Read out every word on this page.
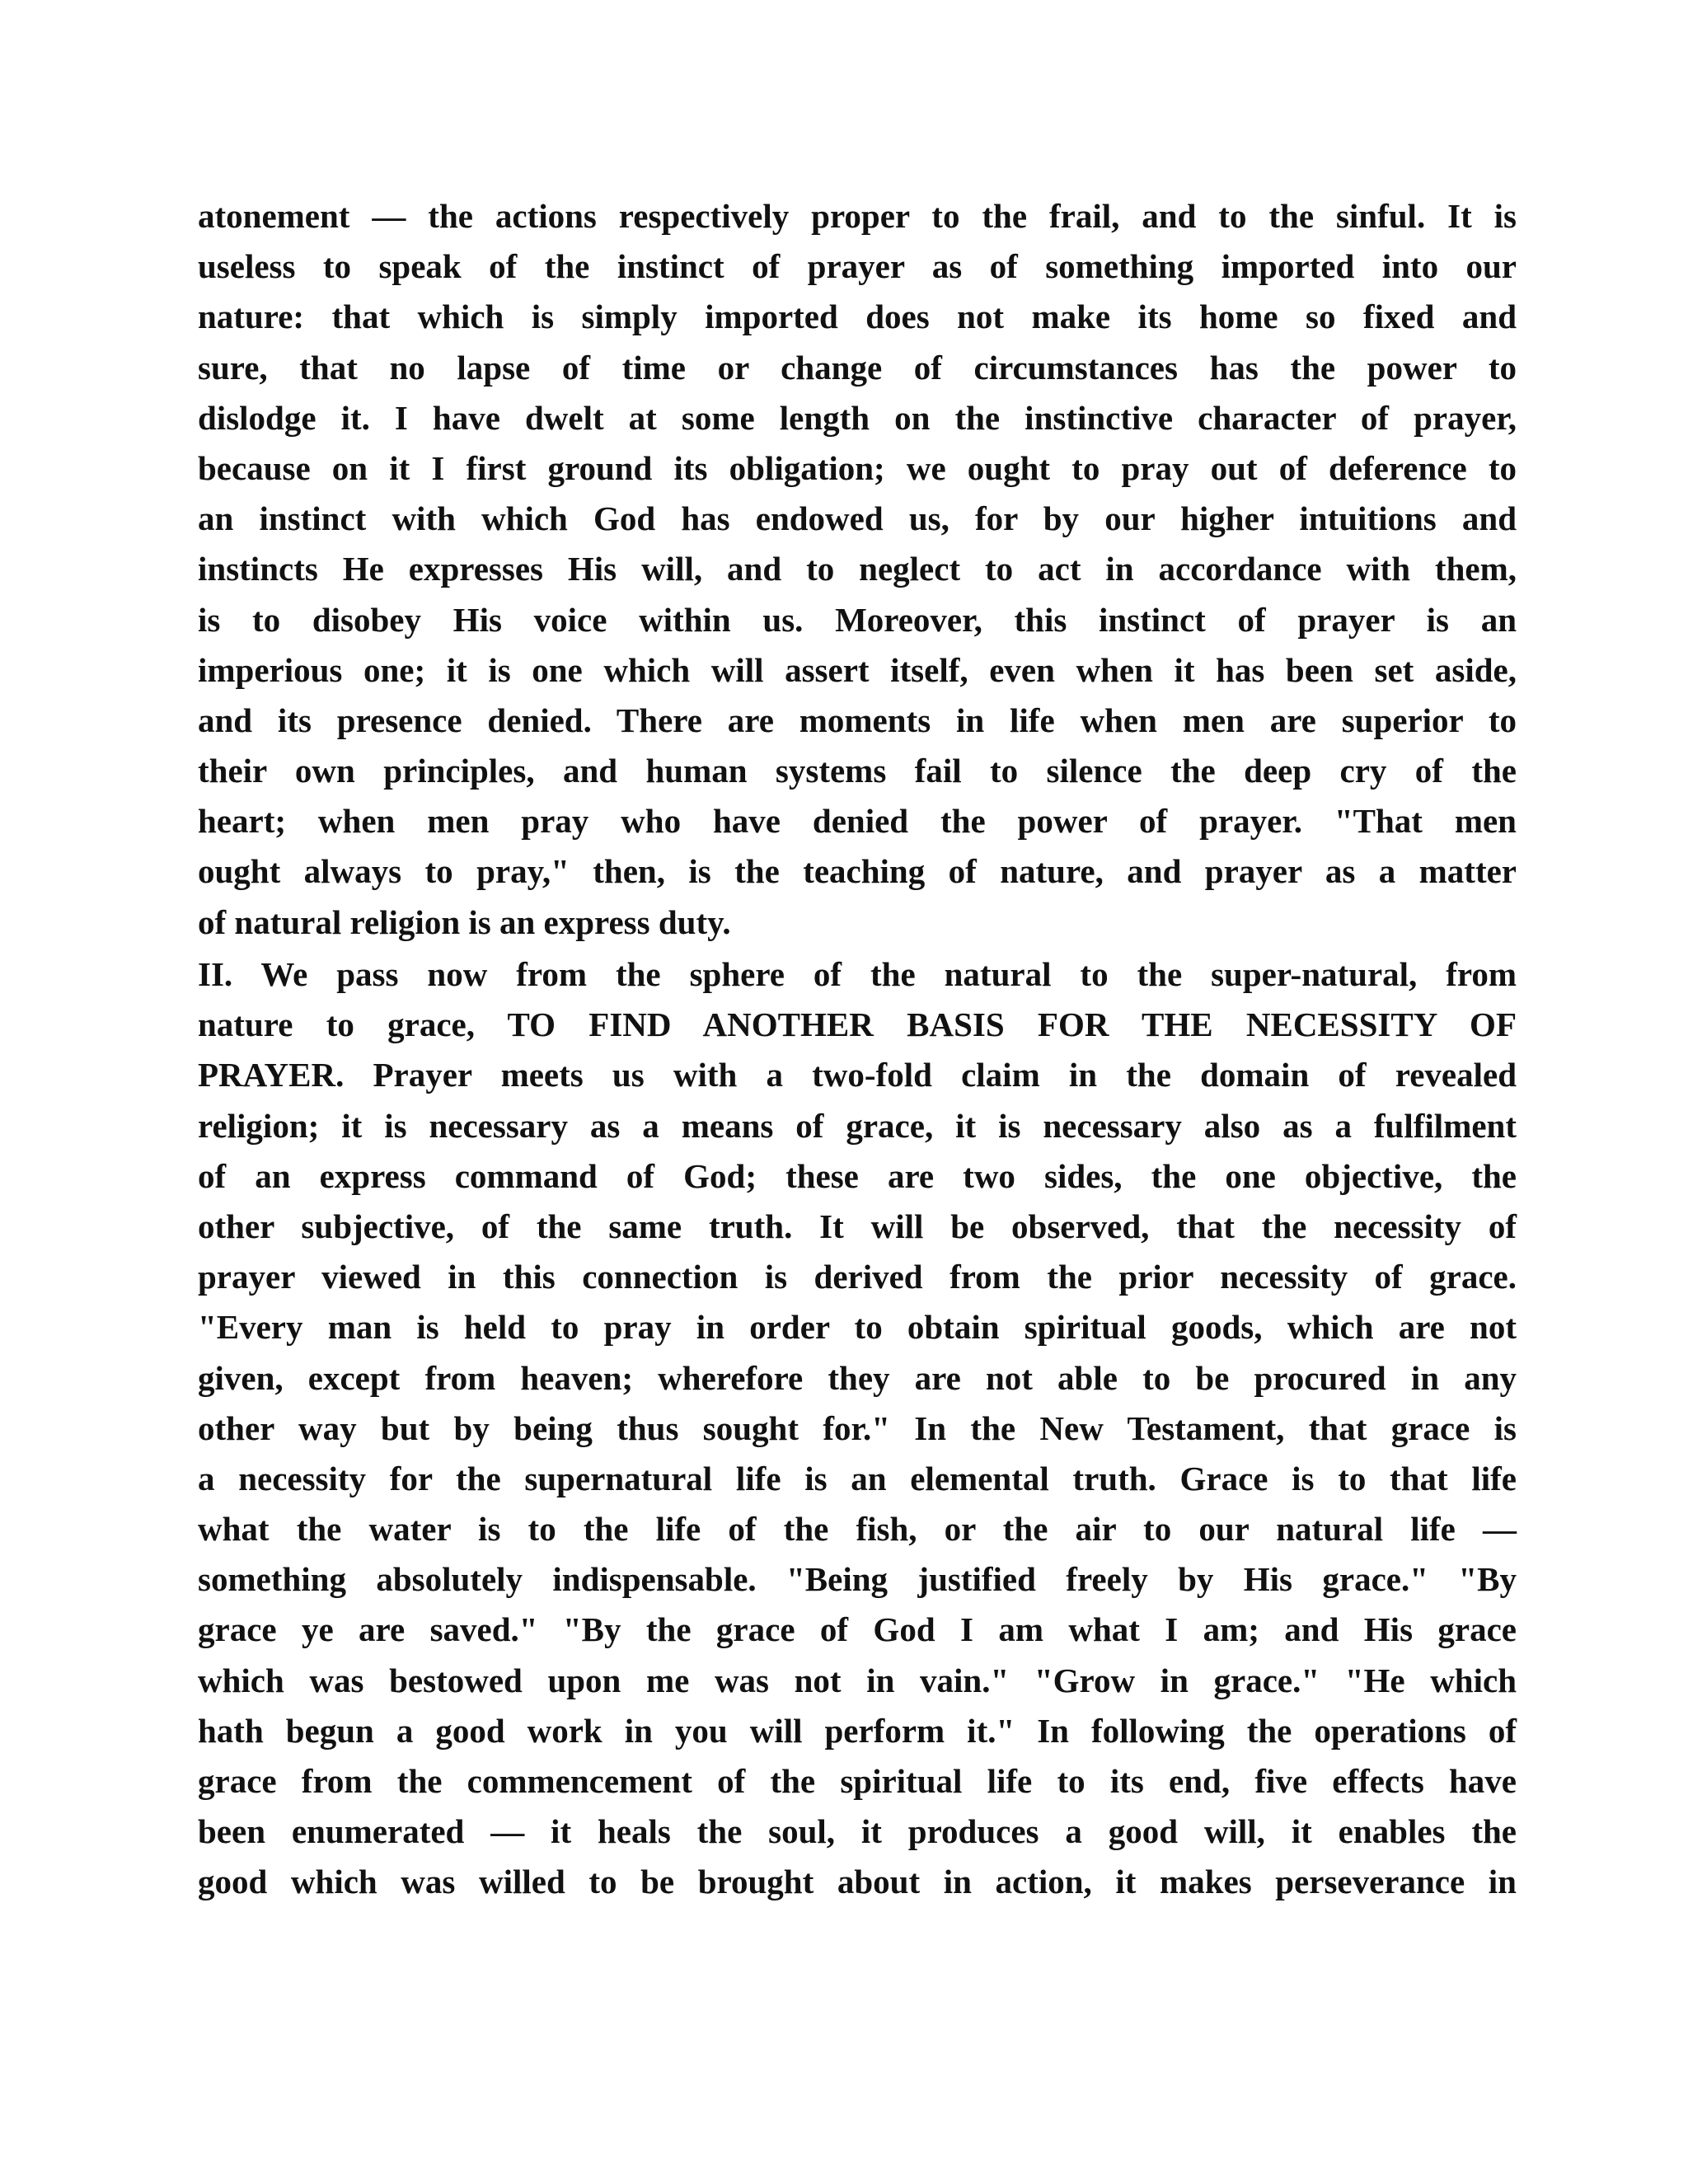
atonement — the actions respectively proper to the frail, and to the sinful. It is
useless to speak of the instinct of prayer as of something imported into our
nature: that which is simply imported does not make its home so fixed and
sure, that no lapse of time or change of circumstances has the power to
dislodge it. I have dwelt at some length on the instinctive character of prayer,
because on it I first ground its obligation; we ought to pray out of deference to
an instinct with which God has endowed us, for by our higher intuitions and
instincts He expresses His will, and to neglect to act in accordance with them,
is to disobey His voice within us. Moreover, this instinct of prayer is an
imperious one; it is one which will assert itself, even when it has been set aside,
and its presence denied. There are moments in life when men are superior to
their own principles, and human systems fail to silence the deep cry of the
heart; when men pray who have denied the power of prayer. "That men
ought always to pray," then, is the teaching of nature, and prayer as a matter
of natural religion is an express duty.
II. We pass now from the sphere of the natural to the super-natural, from
nature to grace, TO FIND ANOTHER BASIS FOR THE NECESSITY OF
PRAYER. Prayer meets us with a two-fold claim in the domain of revealed
religion; it is necessary as a means of grace, it is necessary also as a fulfilment
of an express command of God; these are two sides, the one objective, the
other subjective, of the same truth. It will be observed, that the necessity of
prayer viewed in this connection is derived from the prior necessity of grace.
"Every man is held to pray in order to obtain spiritual goods, which are not
given, except from heaven; wherefore they are not able to be procured in any
other way but by being thus sought for." In the New Testament, that grace is
a necessity for the supernatural life is an elemental truth. Grace is to that life
what the water is to the life of the fish, or the air to our natural life —
something absolutely indispensable. "Being justified freely by His grace." "By
grace ye are saved." "By the grace of God I am what I am; and His grace
which was bestowed upon me was not in vain." "Grow in grace." "He which
hath begun a good work in you will perform it." In following the operations of
grace from the commencement of the spiritual life to its end, five effects have
been enumerated — it heals the soul, it produces a good will, it enables the
good which was willed to be brought about in action, it makes perseverance in
